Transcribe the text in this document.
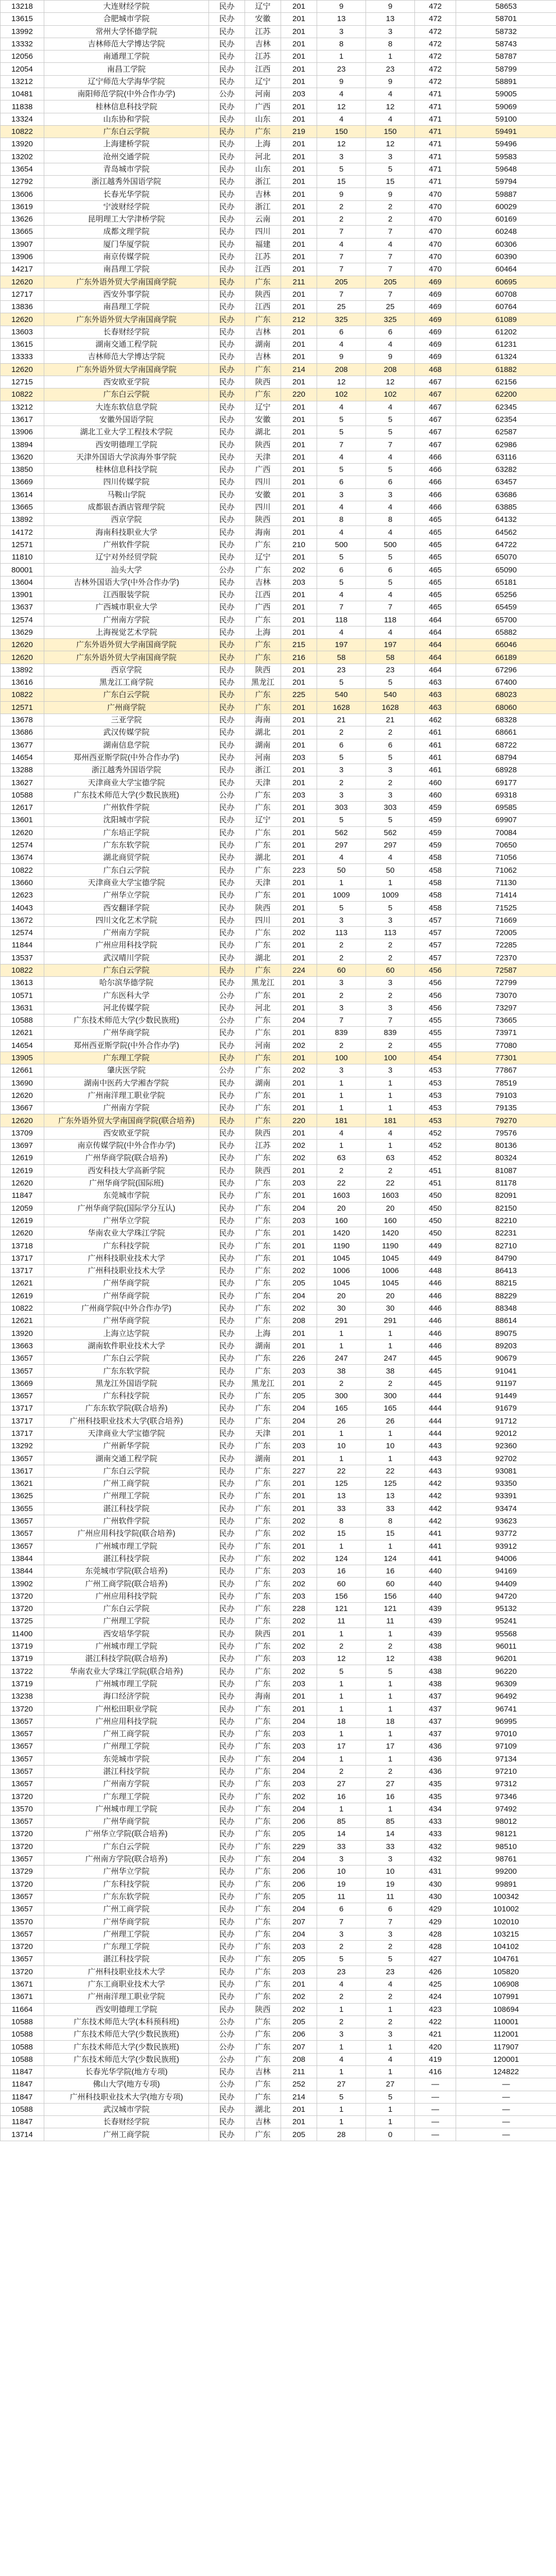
13218	大连财经学院	民办	辽宁	201	9	9	472	58653
13615	合肥城市学院	民办	安徽	201	13	13	472	58701
13992	常州大学怀德学院	民办	江苏	201	3	3	472	58732
13332	吉林师范大学博达学院	民办	吉林	201	8	8	472	58743
12056	南通理工学院	民办	江苏	201	1	1	472	58787
12054	南昌工学院	民办	江西	201	23	23	472	58799
13212	辽宁师范大学海华学院	民办	辽宁	201	9	9	472	58891
10481	南阳师范学院(中外合作办学)	公办	河南	203	4	4	471	59005
11838	桂林信息科技学院	民办	广西	201	12	12	471	59069
13324	山东协和学院	民办	山东	201	4	4	471	59100
10822	广东白云学院	民办	广东	219	150	150	471	59491
13920	上海建桥学院	民办	上海	201	12	12	471	59496
13202	沧州交通学院	民办	河北	201	3	3	471	59583
13654	青岛城市学院	民办	山东	201	5	5	471	59648
12792	浙江越秀外国语学院	民办	浙江	201	15	15	471	59794
13606	长春光华学院	民办	吉林	201	9	9	470	59887
13619	宁波财经学院	民办	浙江	201	2	2	470	60029
13626	昆明理工大学津桥学院	民办	云南	201	2	2	470	60169
13665	成都文理学院	民办	四川	201	7	7	470	60248
13907	厦门华厦学院	民办	福建	201	4	4	470	60306
13906	南京传媒学院	民办	江苏	201	7	7	470	60390
14217	南昌理工学院	民办	江西	201	7	7	470	60464
12620	广东外语外贸大学南国商学院	民办	广东	211	205	205	469	60695
12717	西安外事学院	民办	陕西	201	7	7	469	60708
13836	南昌理工学院	民办	江西	201	25	25	469	60764
12620	广东外语外贸大学南国商学院	民办	广东	212	325	325	469	61089
13603	长春财经学院	民办	吉林	201	6	6	469	61202
13615	湖南交通工程学院	民办	湖南	201	4	4	469	61231
13333	吉林师范大学博达学院	民办	吉林	201	9	9	469	61324
12620	广东外语外贸大学南国商学院	民办	广东	214	208	208	468	61882
12715	西安欧亚学院	民办	陕西	201	12	12	467	62156
10822	广东白云学院	民办	广东	220	102	102	467	62200
13212	大连东软信息学院	民办	辽宁	201	4	4	467	62345
13617	安徽外国语学院	民办	安徽	201	5	5	467	62354
13906	湖北工业大学工程技术学院	民办	湖北	201	5	5	467	62587
13894	西安明德理工学院	民办	陕西	201	7	7	467	62986
13620	天津外国语大学滨海外事学院	民办	天津	201	4	4	466	63116
13850	桂林信息科技学院	民办	广西	201	5	5	466	63282
13669	四川传媒学院	民办	四川	201	6	6	466	63457
13614	马鞍山学院	民办	安徽	201	3	3	466	63686
13665	成都银杏酒店管理学院	民办	四川	201	4	4	466	63885
13892	西京学院	民办	陕西	201	8	8	465	64132
14172	海南科技职业大学	民办	海南	201	4	4	465	64562
12571	广州软件学院	民办	广东	210	500	500	465	64722
11810	辽宁对外经贸学院	民办	辽宁	201	5	5	465	65070
80001	汕头大学	公办	广东	202	6	6	465	65090
13604	吉林外国语大学(中外合作办学)	民办	吉林	203	5	5	465	65181
13901	江西服装学院	民办	江西	201	4	4	465	65256
13637	广西城市职业大学	民办	广西	201	7	7	465	65459
12574	广州南方学院	民办	广东	201	118	118	464	65700
13629	上海视觉艺术学院	民办	上海	201	4	4	464	65882
12620	广东外语外贸大学南国商学院	民办	广东	215	197	197	464	66046
12620	广东外语外贸大学南国商学院	民办	广东	216	58	58	464	66189
13892	西京学院	民办	陕西	201	23	23	464	67296
13616	黑龙江工商学院	民办	黑龙江	201	5	5	463	67400
10822	广东白云学院	民办	广东	225	540	540	463	68023
12571	广州商学院	民办	广东	201	1628	1628	463	68060
13678	三亚学院	民办	海南	201	21	21	462	68328
13686	武汉传媒学院	民办	湖北	201	2	2	461	68661
13677	湖南信息学院	民办	湖南	201	6	6	461	68722
14654	郑州西亚斯学院(中外合作办学)	民办	河南	203	5	5	461	68794
13288	浙江越秀外国语学院	民办	浙江	201	3	3	461	68928
13627	天津商业大学宝德学院	民办	天津	201	2	2	460	69177
10588	广东技术师范大学(少数民族班)	公办	广东	203	3	3	460	69318
12617	广州软件学院	民办	广东	201	303	303	459	69585
13601	沈阳城市学院	民办	辽宁	201	5	5	459	69907
12620	广东培正学院	民办	广东	201	562	562	459	70084
12574	广东东软学院	民办	广东	201	297	297	459	70650
13674	湖北商贸学院	民办	湖北	201	4	4	458	71056
10822	广东白云学院	民办	广东	223	50	50	458	71062
13660	天津商业大学宝德学院	民办	天津	201	1	1	458	71130
12623	广州华立学院	民办	广东	201	1009	1009	458	71414
14043	西安翻译学院	民办	陕西	201	5	5	458	71525
13672	四川文化艺术学院	民办	四川	201	3	3	457	71669
12574	广州南方学院	民办	广东	202	113	113	457	72005
11844	广州应用科技学院	民办	广东	201	2	2	457	72285
13537	武汉晴川学院	民办	湖北	201	2	2	457	72370
10822	广东白云学院	民办	广东	224	60	60	456	72587
13613	哈尔滨华德学院	民办	黑龙江	201	3	3	456	72799
10571	广东医科大学	公办	广东	201	2	2	456	73070
13631	河北传媒学院	民办	河北	201	3	3	456	73297
10588	广东技术师范大学(少数民族班)	公办	广东	204	7	7	455	73665
12621	广州华商学院	民办	广东	201	839	839	455	73971
14654	郑州西亚斯学院(中外合作办学)	民办	河南	202	2	2	455	77080
13905	广东理工学院	民办	广东	201	100	100	454	77301
12661	肇庆医学院	公办	广东	202	3	3	453	77867
13690	湖南中医药大学湘杏学院	民办	湖南	201	1	1	453	78519
12620	广州南洋理工职业学院	民办	广东	201	1	1	453	79103
13667	广州南方学院	民办	广东	201	1	1	453	79135
12620	广东外语外贸大学南国商学院(联合培养)	民办	广东	220	181	181	453	79270
13709	西安欧亚学院	民办	陕西	201	4	4	452	79576
13697	南京传媒学院(中外合作办学)	民办	江苏	202	1	1	452	80136
12619	广州华商学院(联合培养)	民办	广东	202	63	63	452	80324
12619	西安科技大学高新学院	民办	陕西	201	2	2	451	81087
12620	广州华商学院(国际班)	民办	广东	203	22	22	451	81178
11847	东莞城市学院	民办	广东	201	1603	1603	450	82091
12059	广州华商学院(国际学分互认)	民办	广东	204	20	20	450	82150
12619	广州华立学院	民办	广东	203	160	160	450	82210
12620	华南农业大学珠江学院	民办	广东	201	1420	1420	450	82231
13718	广东科技学院	民办	广东	201	1190	1190	449	82710
13717	广州科技职业技术大学	民办	广东	201	1045	1045	449	84790
13717	广州科技职业技术大学	民办	广东	202	1006	1006	448	86413
12621	广州华商学院	民办	广东	205	1045	1045	446	88215
12619	广州华商学院	民办	广东	204	20	20	446	88229
10822	广州商学院(中外合作办学)	民办	广东	202	30	30	446	88348
12621	广州华商学院	民办	广东	208	291	291	446	88614
13920	上海立达学院	民办	上海	201	1	1	446	89075
13663	湖南软件职业技术大学	民办	湖南	201	1	1	446	89203
13657	广东白云学院	民办	广东	226	247	247	445	90679
13657	广东东软学院	民办	广东	203	38	38	445	91041
13669	黑龙江外国语学院	民办	黑龙江	201	2	2	445	91197
13657	广东科技学院	民办	广东	205	300	300	444	91449
13717	广东东软学院(联合培养)	民办	广东	204	165	165	444	91679
13717	广州科技职业技术大学(联合培养)	民办	广东	204	26	26	444	91712
13717	天津商业大学宝德学院	民办	天津	201	1	1	444	92012
13292	广州新华学院	民办	广东	203	10	10	443	92360
13657	湖南交通工程学院	民办	湖南	201	1	1	443	92702
13617	广东白云学院	民办	广东	227	22	22	443	93081
13621	广州工商学院	民办	广东	201	125	125	442	93350
13625	广州理工学院	民办	广东	201	13	13	442	93391
13655	湛江科技学院	民办	广东	201	33	33	442	93474
13657	广州软件学院	民办	广东	202	8	8	442	93623
13657	广州应用科技学院(联合培养)	民办	广东	202	15	15	441	93772
13657	广州城市理工学院	民办	广东	201	1	1	441	93912
13844	湛江科技学院	民办	广东	202	124	124	441	94006
13844	东莞城市学院(联合培养)	民办	广东	203	16	16	440	94169
13902	广州工商学院(联合培养)	民办	广东	202	60	60	440	94409
13720	广州应用科技学院	民办	广东	203	156	156	440	94720
13720	广东白云学院	民办	广东	228	121	121	439	95132
13725	广州理工学院	民办	广东	202	11	11	439	95241
11400	西安培华学院	民办	陕西	201	1	1	439	95568
13719	广州城市理工学院	民办	广东	202	2	2	438	96011
13719	湛江科技学院(联合培养)	民办	广东	203	12	12	438	96201
13722	华南农业大学珠江学院(联合培养)	民办	广东	202	5	5	438	96220
13719	广州城市理工学院	民办	广东	203	1	1	438	96309
13238	海口经济学院	民办	海南	201	1	1	437	96492
13720	广州松田职业学院	民办	广东	201	1	1	437	96741
13657	广州应用科技学院	民办	广东	204	18	18	437	96995
13657	广州工商学院	民办	广东	203	1	1	437	97010
13657	广州理工学院	民办	广东	203	17	17	436	97109
13657	东莞城市学院	民办	广东	204	1	1	436	97134
13657	湛江科技学院	民办	广东	204	2	2	436	97210
13657	广州南方学院	民办	广东	203	27	27	435	97312
13720	广东理工学院	民办	广东	202	16	16	435	97346
13570	广州城市理工学院	民办	广东	204	1	1	434	97492
13657	广州华商学院	民办	广东	206	85	85	433	98012
13720	广州华立学院(联合培养)	民办	广东	205	14	14	433	98121
13720	广东白云学院	民办	广东	229	33	33	432	98510
13657	广州南方学院(联合培养)	民办	广东	204	3	3	432	98761
13729	广州华立学院	民办	广东	206	10	10	431	99200
13720	广东科技学院	民办	广东	206	19	19	430	99891
13657	广东东软学院	民办	广东	205	11	11	430	100342
13657	广州工商学院	民办	广东	204	6	6	429	101002
13570	广州华商学院	民办	广东	207	7	7	429	102010
13657	广州理工学院	民办	广东	204	3	3	428	103215
13720	广东理工学院	民办	广东	203	2	2	428	104102
13657	湛江科技学院	民办	广东	205	5	5	427	104761
13720	广州科技职业技术大学	民办	广东	203	23	23	426	105820
13671	广东工商职业技术大学	民办	广东	201	4	4	425	106908
13671	广州南洋理工职业学院	民办	广东	202	2	2	424	107991
11664	西安明德理工学院	民办	陕西	202	1	1	423	108694
10588	广东技术师范大学(本科预科班)	公办	广东	205	2	2	422	110001
10588	广东技术师范大学(少数民族班)	公办	广东	206	3	3	421	112001
10588	广东技术师范大学(少数民族班)	公办	广东	207	1	1	420	117907
10588	广东技术师范大学(少数民族班)	公办	广东	208	4	4	419	120001
11847	长春光华学院(地方专项)	民办	吉林	211	1	1	416	124822
11847	佛山大学(地方专项)	公办	广东	252	27	27	—	—
11847	广州科技职业技术大学(地方专项)	民办	广东	214	5	5	—	—
10588	武汉城市学院	民办	湖北	201	1	1	—	—
11847	长春财经学院	民办	吉林	201	1	1	—	—
13714	广州工商学院	民办	广东	205	28	0	—	—
